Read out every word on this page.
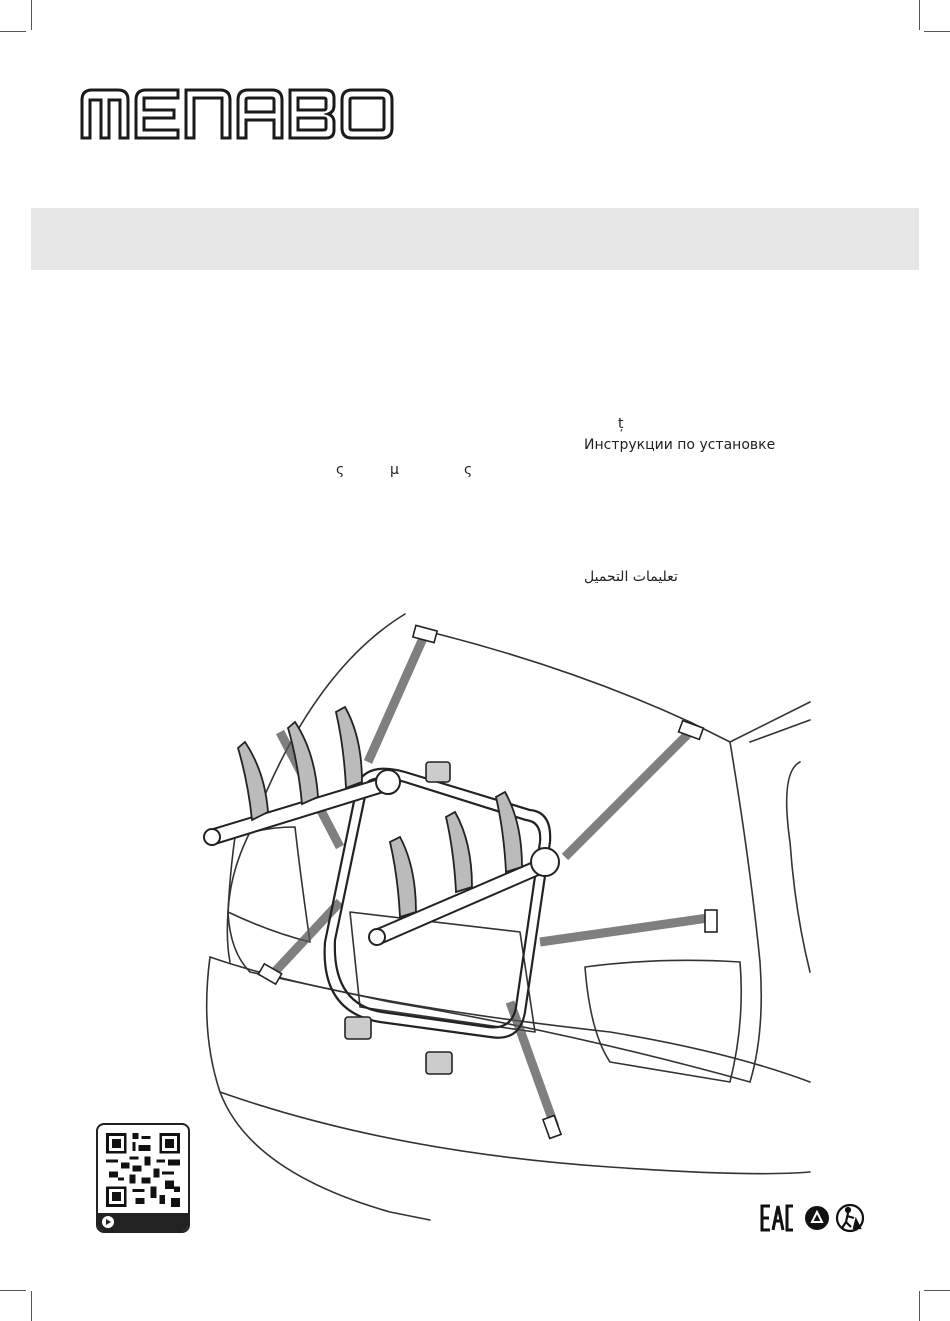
ț
Инструкции по установке
ς	μ	ς
تعليمات التحميل
